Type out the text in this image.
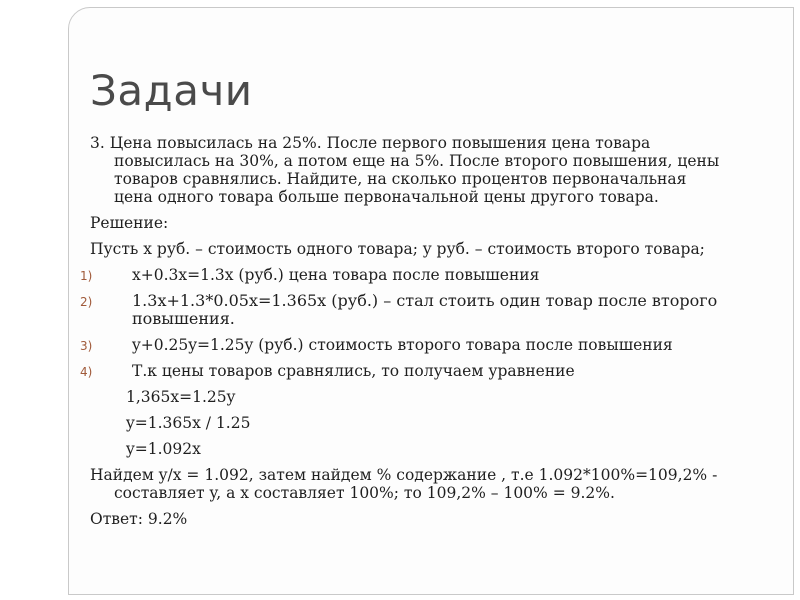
Задачи

3. Цена повысилась на 25%. После первого повышения цена товара повысилась на 30%, а потом еще на 5%. После второго повышения, цены товаров сравнялись. Найдите, на сколько процентов первоначальная цена одного товара больше первоначальной цены другого товара.

Решение:

Пусть x руб. – стоимость одного товара; y руб. – стоимость второго товара;

1)	x+0.3x=1.3x (руб.) цена товара после повышения
2) 1.3x+1.3*0.05x=1.365x (руб.) – стал стоить один товар после второго повышения.
3)	y+0.25y=1.25y (руб.) стоимость второго товара после повышения
4)	Т.к цены товаров сравнялись, то получаем уравнение

1,365x=1.25y

y=1.365x / 1.25

y=1.092x

Найдем y/x = 1.092, затем найдем % содержание , т.е 1.092*100%=109,2% - составляет y, а x составляет 100%; то 109,2% – 100% = 9.2%.

Ответ: 9.2%
